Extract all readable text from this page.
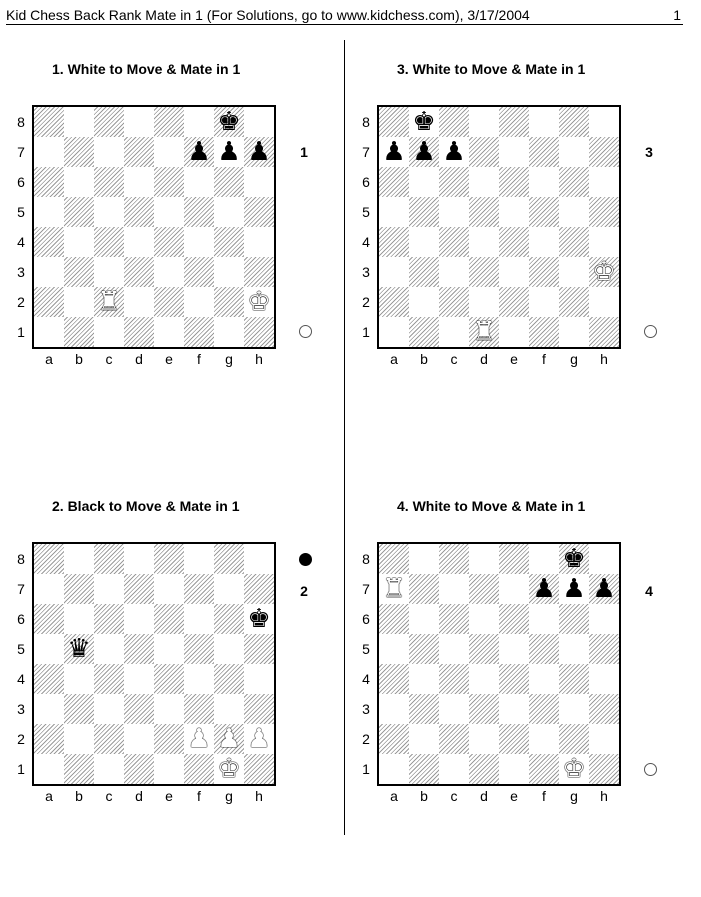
Kid Chess Back Rank Mate in 1 (For Solutions, go to www.kidchess.com), 3/17/2004	1
1. White to Move & Mate in 1
♚
♟ ♟ ♟
♜	♚
1
8
7
6
5
4
3
2
1
a	b	c	d	e	f	g	h
3. White to Move & Mate in 1
♚
♟ ♟ ♟
♚
♜
3
8
7
6
5
4
3
2
1
a	b	c	d	e	f	g	h
2. Black to Move & Mate in 1
♚
♛
♟ ♟ ♟
♚
2
8
7
6
5
4
3
2
1
a	b	c	d	e	f	g	h
4. White to Move & Mate in 1
♚
♜	♟ ♟ ♟
♚
4
8
7
6
5
4
3
2
1
a	b	c	d	e	f	g	h
